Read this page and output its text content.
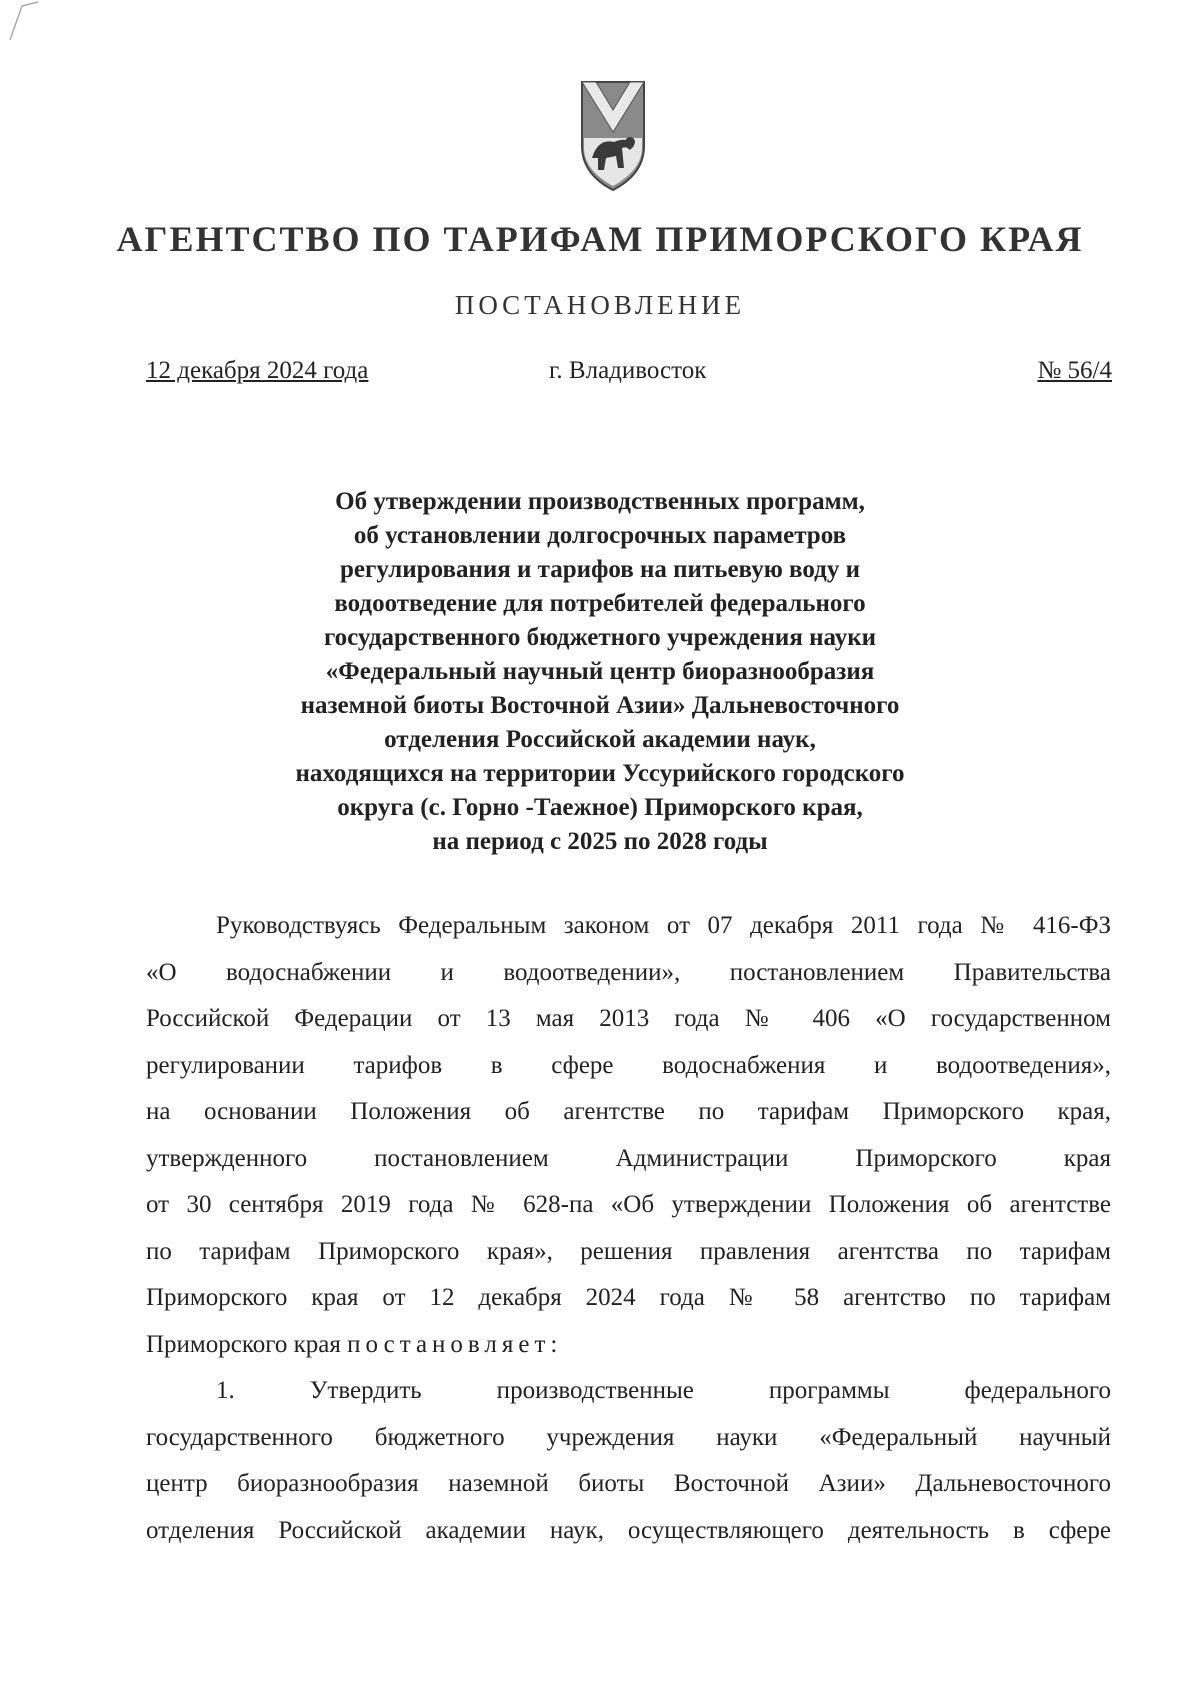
АГЕНТСТВО ПО ТАРИФАМ ПРИМОРСКОГО КРАЯ
ПОСТАНОВЛЕНИЕ
12 декабря 2024 года	г. Владивосток	№ 56/4
Об утверждении производственных программ,
об установлении долгосрочных параметров
регулирования и тарифов на питьевую воду и
водоотведение для потребителей федерального
государственного бюджетного учреждения науки
«Федеральный научный центр биоразнообразия
наземной биоты Восточной Азии» Дальневосточного
отделения Российской академии наук,
находящихся на территории Уссурийского городского
округа (с. Горно -Таежное) Приморского края,
на период с 2025 по 2028 годы
Руководствуясь Федеральным законом от 07 декабря 2011 года № 416-ФЗ
«О водоснабжении и водоотведении», постановлением Правительства
Российской Федерации от 13 мая 2013 года № 406 «О государственном
регулировании тарифов в сфере водоснабжения и водоотведения»,
на основании Положения об агентстве по тарифам Приморского края,
утвержденного постановлением Администрации Приморского края
от 30 сентября 2019 года № 628-па «Об утверждении Положения об агентстве
по тарифам Приморского края», решения правления агентства по тарифам
Приморского края от 12 декабря 2024 года № 58 агентство по тарифам
Приморского края постановляет:
1. Утвердить производственные программы федерального
государственного бюджетного учреждения науки «Федеральный научный
центр биоразнообразия наземной биоты Восточной Азии» Дальневосточного
отделения Российской академии наук, осуществляющего деятельность в сфере
